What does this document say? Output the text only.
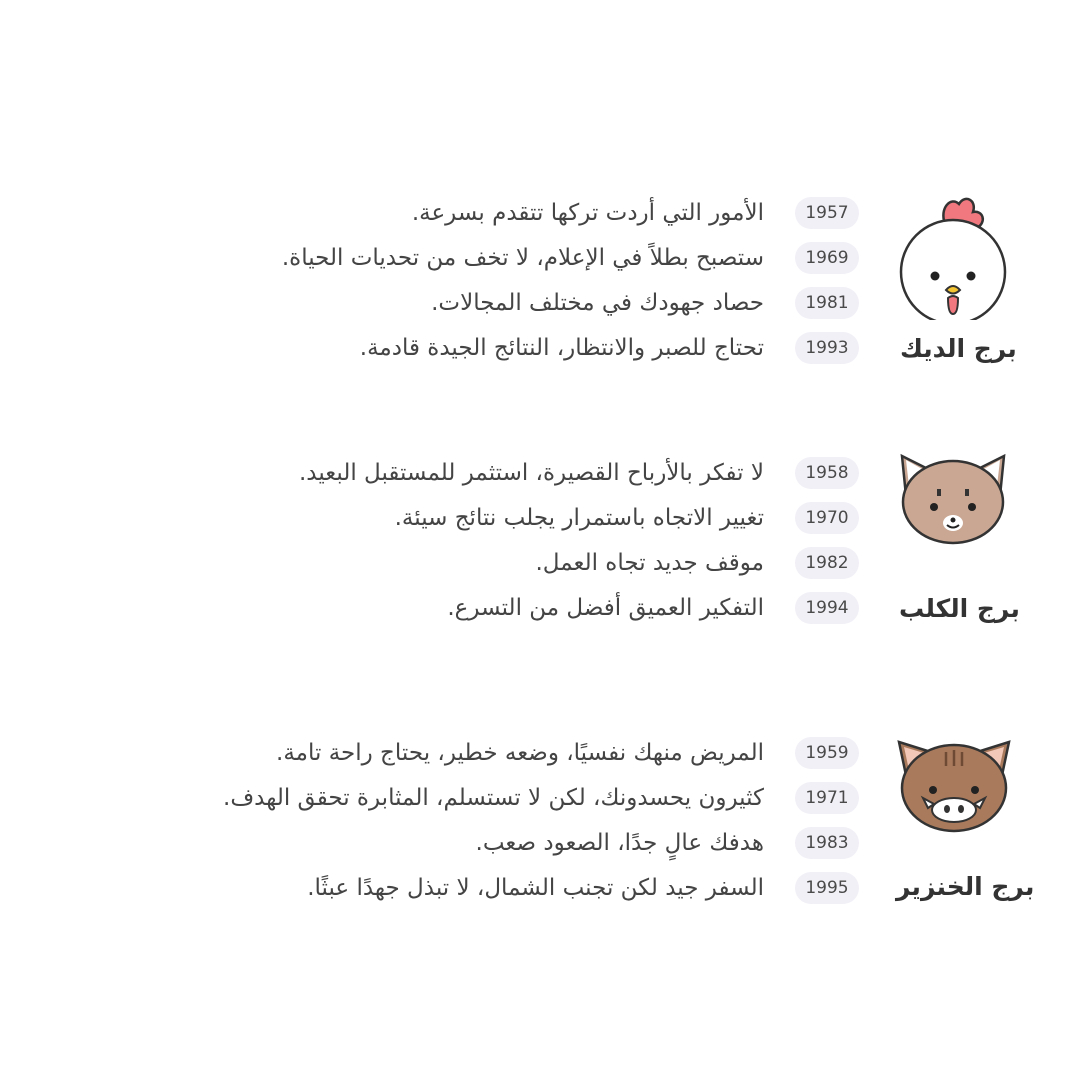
برج الديك
1957
الأمور التي أردت تركها تتقدم بسرعة.
1969
ستصبح بطلاً في الإعلام، لا تخف من تحديات الحياة.
1981
حصاد جهودك في مختلف المجالات.
1993
تحتاج للصبر والانتظار، النتائج الجيدة قادمة.
برج الكلب
1958
لا تفكر بالأرباح القصيرة، استثمر للمستقبل البعيد.
1970
تغيير الاتجاه باستمرار يجلب نتائج سيئة.
1982
موقف جديد تجاه العمل.
1994
التفكير العميق أفضل من التسرع.
برج الخنزير
1959
المريض منهك نفسيًا، وضعه خطير، يحتاج راحة تامة.
1971
كثيرون يحسدونك، لكن لا تستسلم، المثابرة تحقق الهدف.
1983
هدفك عالٍ جدًا، الصعود صعب.
1995
السفر جيد لكن تجنب الشمال، لا تبذل جهدًا عبثًا.
